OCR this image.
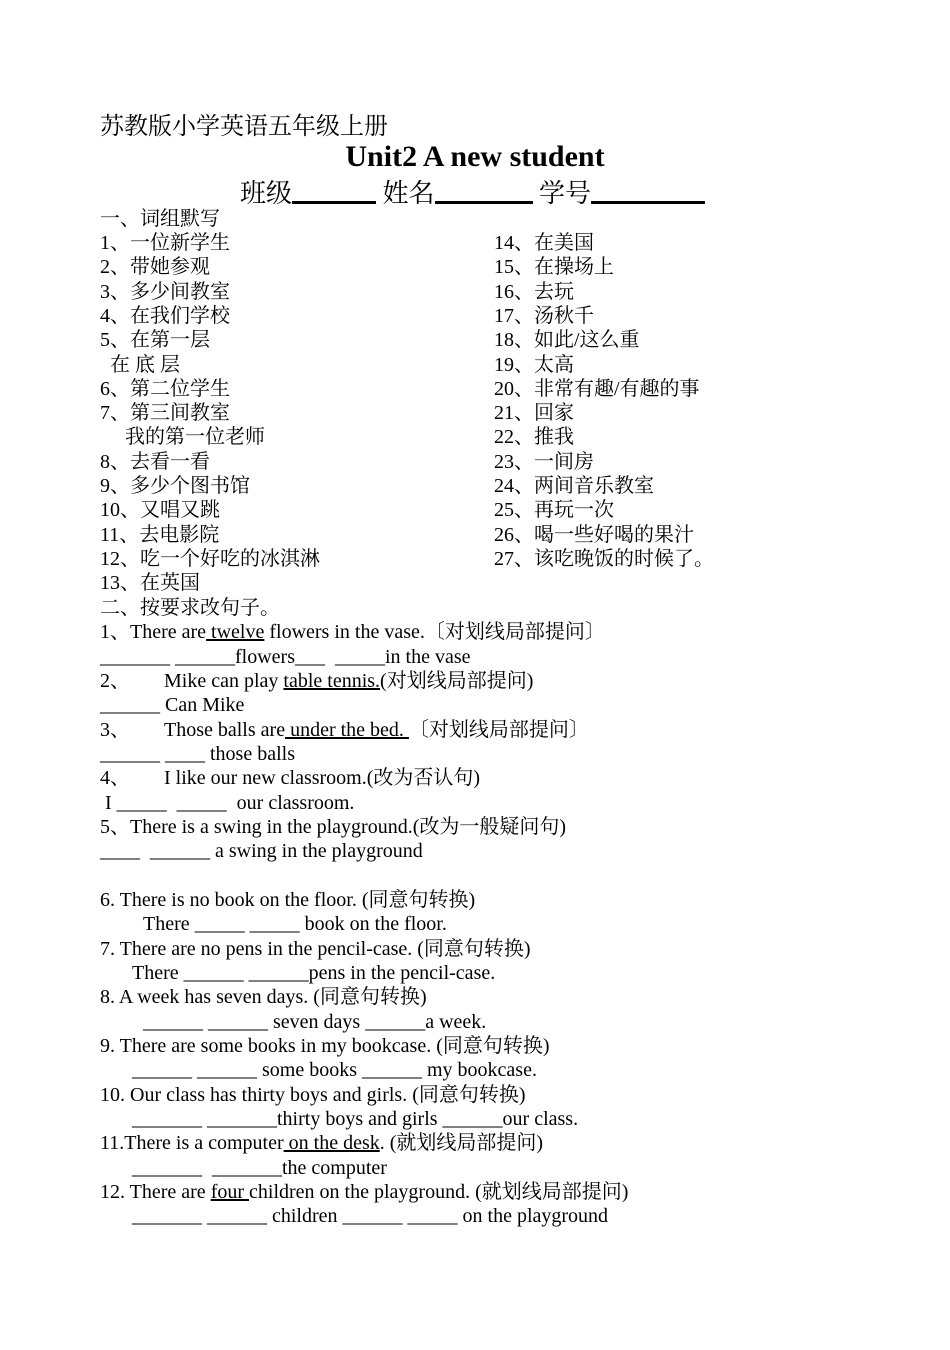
苏教版小学英语五年级上册
Unit2 A new student
班级	姓名	学号
一、词组默写
1、一位新学生
2、带她参观
3、多少间教室
4、在我们学校
5、在第一层
在 底 层
6、第二位学生
7、第三间教室
我的第一位老师
8、去看一看
9、多少个图书馆
10、又唱又跳
11、去电影院
12、吃一个好吃的冰淇淋
13、在英国
14、在美国
15、在操场上
16、去玩
17、汤秋千
18、如此/这么重
19、太高
20、非常有趣/有趣的事
21、回家
22、推我
23、一间房
24、两间音乐教室
25、再玩一次
26、喝一些好喝的果汁
27、该吃晚饭的时候了。
二、按要求改句子。
1、There are twelve flowers in the vase.〔对划线局部提问〕
_______ ______flowers___  _____in the vase
2、 Mike can play table tennis.(对划线局部提问)
______ Can Mike
3、 Those balls are under the bed. 〔对划线局部提问〕
______ ____ those balls
4、 I like our new classroom.(改为否认句)
I _____  _____  our classroom.
5、There is a swing in the playground.(改为一般疑问句)
____  ______ a swing in the playground
6. There is no book on the floor. (同意句转换)
There _____ _____ book on the floor.
7. There are no pens in the pencil-case. (同意句转换)
There ______ ______pens in the pencil-case.
8. A week has seven days. (同意句转换)
______ ______ seven days ______a week.
9. There are some books in my bookcase. (同意句转换)
______ ______ some books ______ my bookcase.
10. Our class has thirty boys and girls. (同意句转换)
_______ _______thirty boys and girls ______our class.
11.There is a computer on the desk. (就划线局部提问)
_______  _______the computer
12. There are four children on the playground. (就划线局部提问)
_______ ______ children ______ _____ on the playground
